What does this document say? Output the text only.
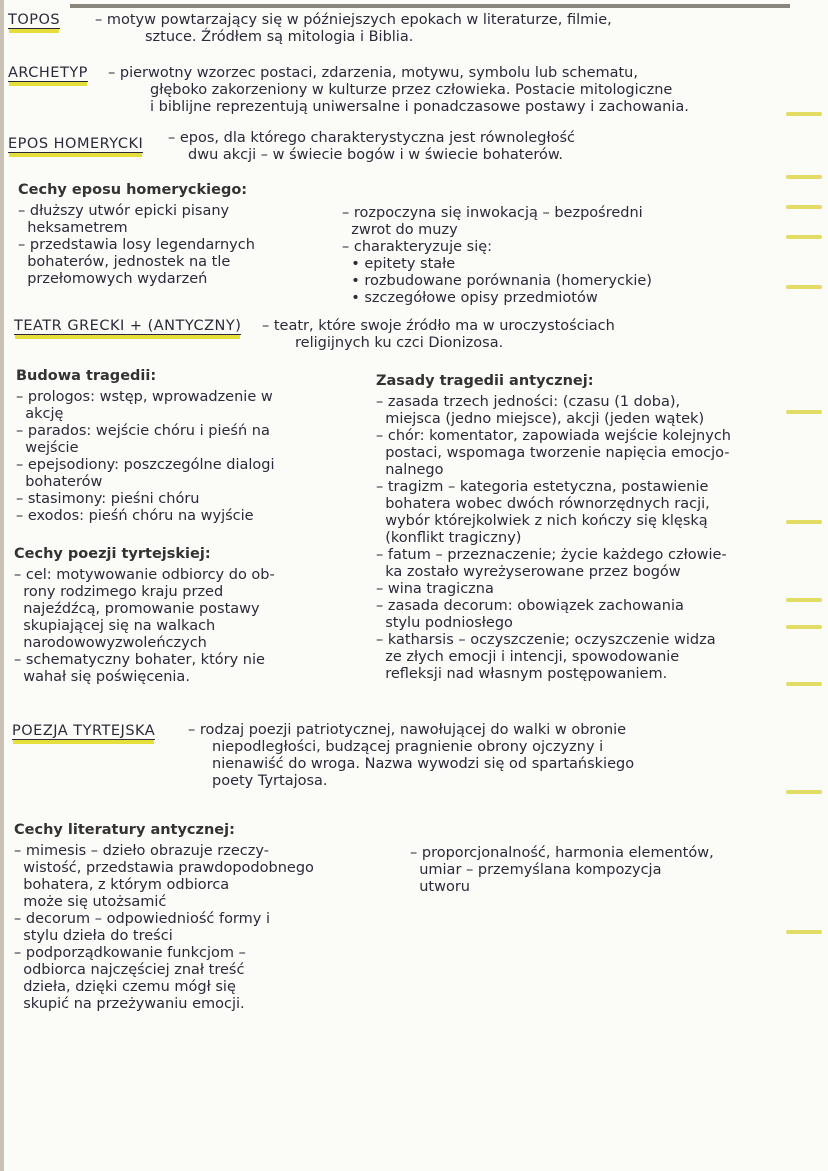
TOPOS – motyw powtarzający się w późniejszych epokach w literaturze, filmie,
sztuce. Źródłem są mitologia i Biblia.
ARCHETYP – pierwotny wzorzec postaci, zdarzenia, motywu, symbolu lub schematu,
głęboko zakorzeniony w kulturze przez człowieka. Postacie mitologiczne
i biblijne reprezentują uniwersalne i ponadczasowe postawy i zachowania.
EPOS HOMERYCKI – epos, dla którego charakterystyczna jest równoległość
dwu akcji – w świecie bogów i w świecie bohaterów.
TEATR GRECKI + (ANTYCZNY) – teatr, które swoje źródło ma w uroczystościach
religijnych ku czci Dionizosa.
POEZJA TYRTEJSKA – rodzaj poezji patriotycznej, nawołującej do walki w obronie
niepodległości, budzącej pragnienie obrony ojczyzny i
nienawiść do wroga. Nazwa wywodzi się od spartańskiego
poety Tyrtajosa.
Cechy eposu homeryckiego:
– dłuższy utwór epicki pisany
heksametrem
– przedstawia losy legendarnych
bohaterów, jednostek na tle
przełomowych wydarzeń
– rozpoczyna się inwokacją – bezpośredni
zwrot do muzy
– charakteryzuje się:
• epitety stałe
• rozbudowane porównania (homeryckie)
• szczegółowe opisy przedmiotów
Budowa tragedii:
– prologos: wstęp, wprowadzenie w
akcję
– parados: wejście chóru i pieśń na
wejście
– epejsodiony: poszczególne dialogi
bohaterów
– stasimony: pieśni chóru
– exodos: pieśń chóru na wyjście
Cechy poezji tyrtejskiej:
– cel: motywowanie odbiorcy do ob-
rony rodzimego kraju przed
najeźdźcą, promowanie postawy
skupiającej się na walkach
narodowowyzwoleńczych
– schematyczny bohater, który nie
wahał się poświęcenia.
Zasady tragedii antycznej:
– zasada trzech jedności: (czasu (1 doba),
miejsca (jedno miejsce), akcji (jeden wątek)
– chór: komentator, zapowiada wejście kolejnych
postaci, wspomaga tworzenie napięcia emocjo-
nalnego
– tragizm – kategoria estetyczna, postawienie
bohatera wobec dwóch równorzędnych racji,
wybór którejkolwiek z nich kończy się klęską
(konflikt tragiczny)
– fatum – przeznaczenie; życie każdego człowie-
ka zostało wyreżyserowane przez bogów
– wina tragiczna
– zasada decorum: obowiązek zachowania
stylu podniosłego
– katharsis – oczyszczenie; oczyszczenie widza
ze złych emocji i intencji, spowodowanie
refleksji nad własnym postępowaniem.
Cechy literatury antycznej:
– mimesis – dzieło obrazuje rzeczy-
wistość, przedstawia prawdopodobnego
bohatera, z którym odbiorca
może się utożsamić
– decorum – odpowiedniość formy i
stylu dzieła do treści
– podporządkowanie funkcjom –
odbiorca najczęściej znał treść
dzieła, dzięki czemu mógł się
skupić na przeżywaniu emocji.
– proporcjonalność, harmonia elementów,
umiar – przemyślana kompozycja
utworu
